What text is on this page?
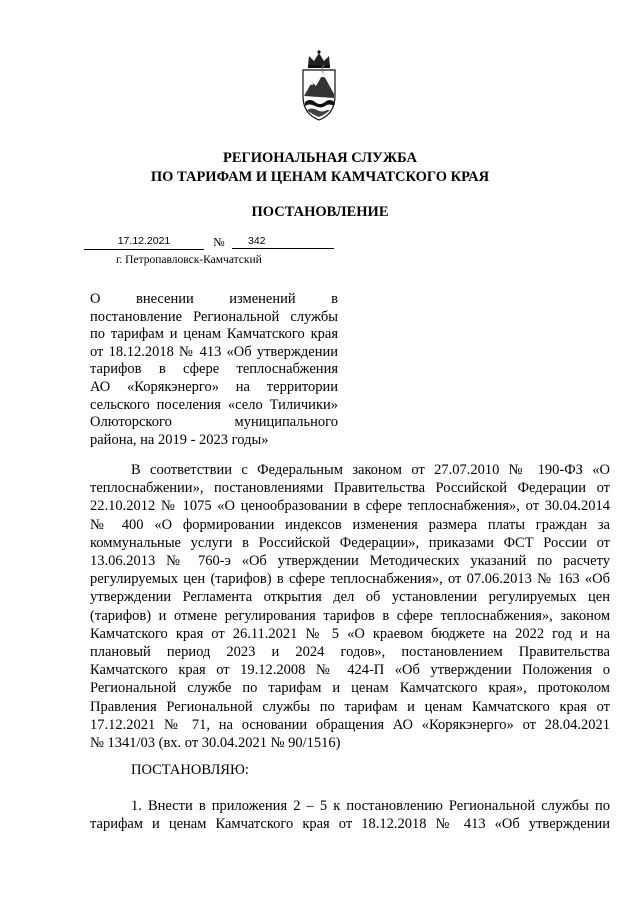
РЕГИОНАЛЬНАЯ СЛУЖБА
ПО ТАРИФАМ И ЦЕНАМ КАМЧАТСКОГО КРАЯ
ПОСТАНОВЛЕНИЕ
17.12.2021	№	342
г. Петропавловск-Камчатский
О внесении изменений в
постановление Региональной службы
по тарифам и ценам Камчатского края
от 18.12.2018 № 413 «Об утверждении
тарифов в сфере теплоснабжения
АО «Корякэнерго» на территории
сельского поселения «село Тиличики»
Олюторского муниципального
района, на 2019 - 2023 годы»
В соответствии с Федеральным законом от 27.07.2010 № 190-ФЗ «О
теплоснабжении», постановлениями Правительства Российской Федерации от
22.10.2012 № 1075 «О ценообразовании в сфере теплоснабжения», от 30.04.2014
№ 400 «О формировании индексов изменения размера платы граждан за
коммунальные услуги в Российской Федерации», приказами ФСТ России от
13.06.2013 № 760-э «Об утверждении Методических указаний по расчету
регулируемых цен (тарифов) в сфере теплоснабжения», от 07.06.2013 № 163 «Об
утверждении Регламента открытия дел об установлении регулируемых цен
(тарифов) и отмене регулирования тарифов в сфере теплоснабжения», законом
Камчатского края от 26.11.2021 № 5 «О краевом бюджете на 2022 год и на
плановый период 2023 и 2024 годов», постановлением Правительства
Камчатского края от 19.12.2008 № 424-П «Об утверждении Положения о
Региональной службе по тарифам и ценам Камчатского края», протоколом
Правления Региональной службы по тарифам и ценам Камчатского края от
17.12.2021 № 71, на основании обращения АО «Корякэнерго» от 28.04.2021
№ 1341/03 (вх. от 30.04.2021 № 90/1516)
ПОСТАНОВЛЯЮ:
1. Внести в приложения 2 – 5 к постановлению Региональной службы по
тарифам и ценам Камчатского края от 18.12.2018 № 413 «Об утверждении
